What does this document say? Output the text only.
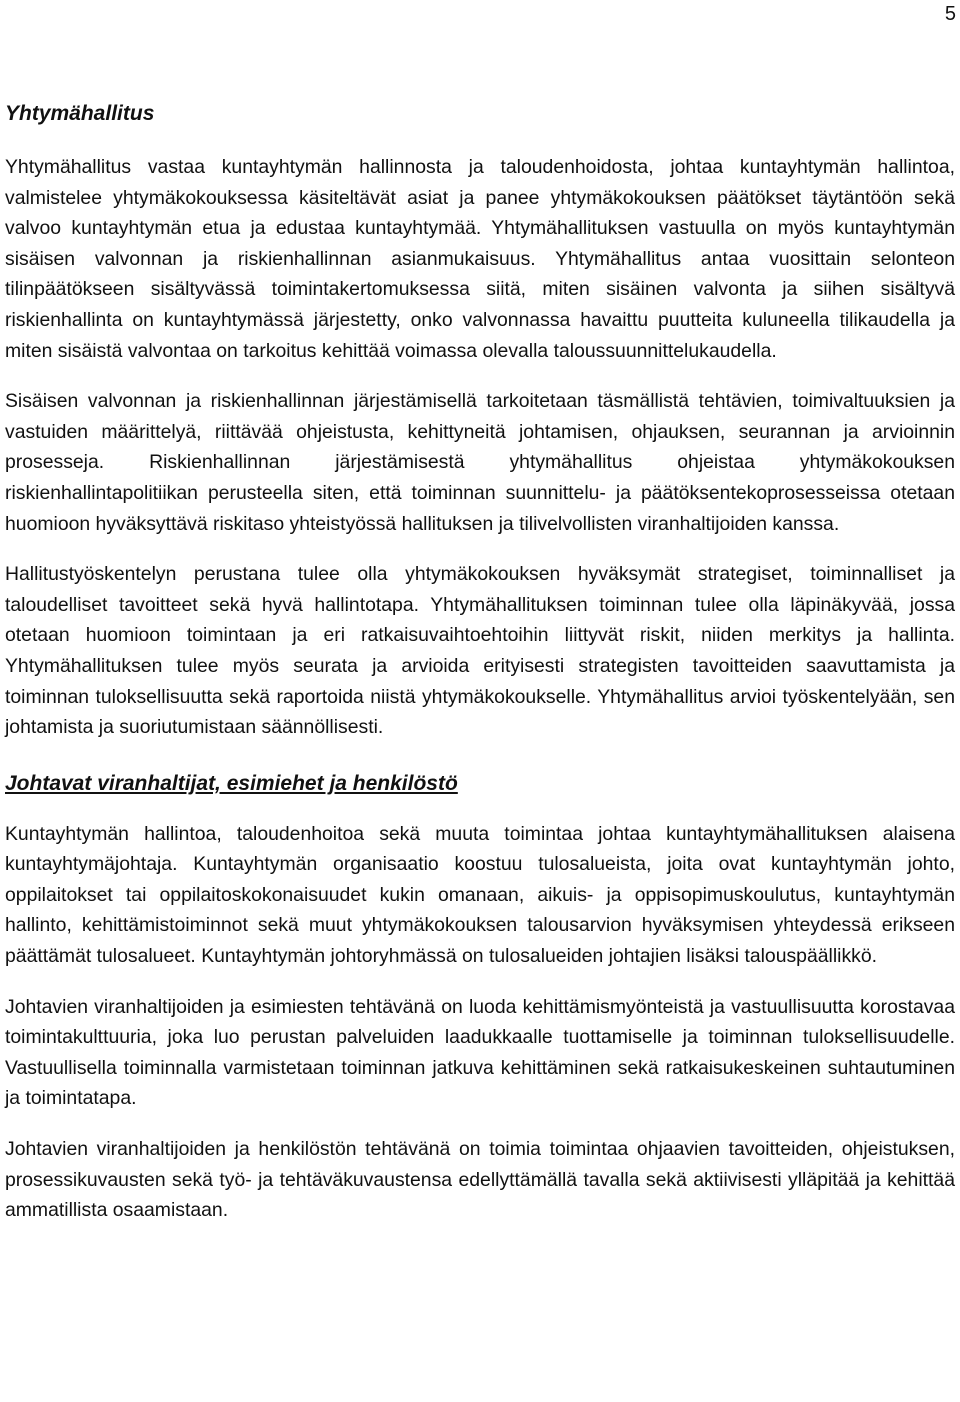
5
Yhtymähallitus

Yhtymähallitus vastaa kuntayhtymän hallinnosta ja taloudenhoidosta, johtaa kuntayhtymän hallintoa, valmistelee yhtymäkokouksessa käsiteltävät asiat ja panee yhtymäkokouksen päätökset täytäntöön sekä valvoo kuntayhtymän etua ja edustaa kuntayhtymää. Yhtymähallituksen vastuulla on myös kuntayhtymän sisäisen valvonnan ja riskienhallinnan asianmukaisuus. Yhtymähallitus antaa vuosittain selonteon tilinpäätökseen sisältyvässä toimintakertomuksessa siitä, miten sisäinen valvonta ja siihen sisältyvä riskienhallinta on kuntayhtymässä järjestetty, onko valvonnassa havaittu puutteita kuluneella tilikaudella ja miten sisäistä valvontaa on tarkoitus kehittää voimassa olevalla taloussuunnittelukaudella.

Sisäisen valvonnan ja riskienhallinnan järjestämisellä tarkoitetaan täsmällistä tehtävien, toimivaltuuksien ja vastuiden määrittelyä, riittävää ohjeistusta, kehittyneitä johtamisen, ohjauksen, seurannan ja arvioinnin prosesseja. Riskienhallinnan järjestämisestä yhtymähallitus ohjeistaa yhtymäkokouksen riskienhallintapolitiikan perusteella siten, että toiminnan suunnittelu- ja päätöksentekoprosesseissa otetaan huomioon hyväksyttävä riskitaso yhteistyössä hallituksen ja tilivelvollisten viranhaltijoiden kanssa.

Hallitustyöskentelyn perustana tulee olla yhtymäkokouksen hyväksymät strategiset, toiminnalliset ja taloudelliset tavoitteet sekä hyvä hallintotapa. Yhtymähallituksen toiminnan tulee olla läpinäkyvää, jossa otetaan huomioon toimintaan ja eri ratkaisuvaihtoehtoihin liittyvät riskit, niiden merkitys ja hallinta. Yhtymähallituksen tulee myös seurata ja arvioida erityisesti strategisten tavoitteiden saavuttamista ja toiminnan tuloksellisuutta sekä raportoida niistä yhtymäkokoukselle. Yhtymähallitus arvioi työskentelyään, sen johtamista ja suoriutumistaan säännöllisesti.

Johtavat viranhaltijat, esimiehet ja henkilöstö

Kuntayhtymän hallintoa, taloudenhoitoa sekä muuta toimintaa johtaa kuntayhtymähallituksen alaisena kuntayhtymäjohtaja. Kuntayhtymän organisaatio koostuu tulosalueista, joita ovat kuntayhtymän johto, oppilaitokset tai oppilaitoskokonaisuudet kukin omanaan, aikuis- ja oppisopimuskoulutus, kuntayhtymän hallinto, kehittämistoiminnot sekä muut yhtymäkokouksen talousarvion hyväksymisen yhteydessä erikseen päättämät tulosalueet. Kuntayhtymän johtoryhmässä on tulosalueiden johtajien lisäksi talouspäällikkö.

Johtavien viranhaltijoiden ja esimiesten tehtävänä on luoda kehittämismyönteistä ja vastuullisuutta korostavaa toimintakulttuuria, joka luo perustan palveluiden laadukkaalle tuottamiselle ja toiminnan tuloksellisuudelle. Vastuullisella toiminnalla varmistetaan toiminnan jatkuva kehittäminen sekä ratkaisukeskeinen suhtautuminen ja toimintatapa.

Johtavien viranhaltijoiden ja henkilöstön tehtävänä on toimia toimintaa ohjaavien tavoitteiden, ohjeistuksen, prosessikuvausten sekä työ- ja tehtäväkuvaustensa edellyttämällä tavalla sekä aktiivisesti ylläpitää ja kehittää ammatillista osaamistaan.
